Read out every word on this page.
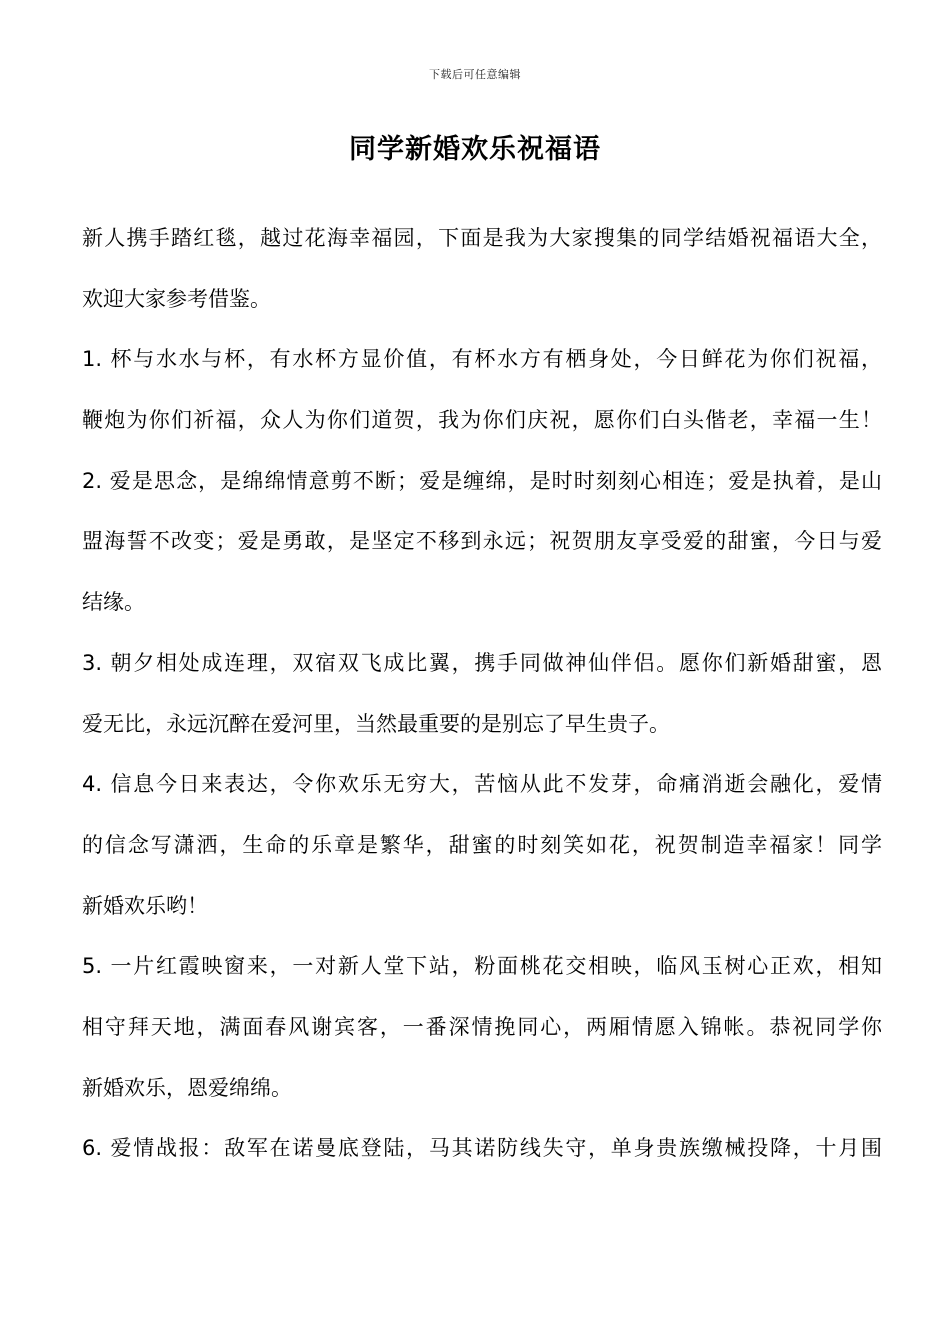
下载后可任意编辑
同学新婚欢乐祝福语
新人携手踏红毯，越过花海幸福园，下面是我为大家搜集的同学结婚祝福语大全，
欢迎大家参考借鉴。
1. 杯与水水与杯，有水杯方显价值，有杯水方有栖身处，今日鲜花为你们祝福，
鞭炮为你们祈福，众人为你们道贺，我为你们庆祝，愿你们白头偕老，幸福一生！
2. 爱是思念，是绵绵情意剪不断；爱是缠绵，是时时刻刻心相连；爱是执着，是山
盟海誓不改变；爱是勇敢，是坚定不移到永远；祝贺朋友享受爱的甜蜜，今日与爱
结缘。
3. 朝夕相处成连理，双宿双飞成比翼，携手同做神仙伴侣。愿你们新婚甜蜜，恩
爱无比，永远沉醉在爱河里，当然最重要的是别忘了早生贵子。
4. 信息今日来表达，令你欢乐无穷大，苦恼从此不发芽，命痛消逝会融化，爱情
的信念写潇洒，生命的乐章是繁华，甜蜜的时刻笑如花，祝贺制造幸福家！同学
新婚欢乐哟！
5. 一片红霞映窗来，一对新人堂下站，粉面桃花交相映，临风玉树心正欢，相知
相守拜天地，满面春风谢宾客，一番深情挽同心，两厢情愿入锦帐。恭祝同学你
新婚欢乐，恩爱绵绵。
6. 爱情战报：敌军在诺曼底登陆，马其诺防线失守，单身贵族缴械投降，十月围
